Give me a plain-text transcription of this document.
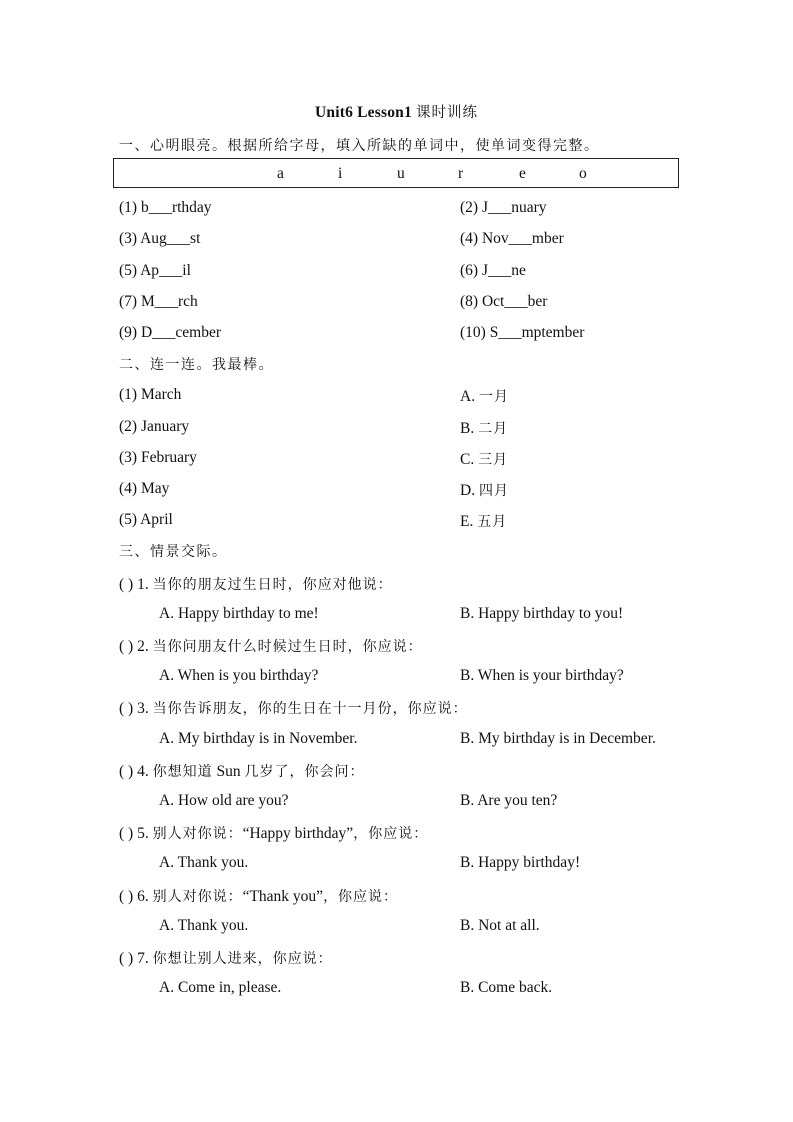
Unit6 Lesson1 课时训练
一、心明眼亮。根据所给字母，填入所缺的单词中，使单词变得完整。
a	i	u	r	e	o
(1) b___rthday	(2) J___nuary
(3) Aug___st	(4) Nov___mber
(5) Ap___il	(6) J___ne
(7) M___rch	(8) Oct___ber
(9) D___cember	(10) S___mptember
二、连一连。我最棒。
(1) March	A. 一月
(2) January	B. 二月
(3) February	C. 三月
(4) May	D. 四月
(5) April	E. 五月
三、情景交际。
( ) 1. 当你的朋友过生日时，你应对他说：
A. Happy birthday to me!	B. Happy birthday to you!
( ) 2. 当你问朋友什么时候过生日时，你应说：
A. When is you birthday?	B. When is your birthday?
( ) 3. 当你告诉朋友，你的生日在十一月份，你应说：
A. My birthday is in November.	B. My birthday is in December.
( ) 4. 你想知道 Sun 几岁了，你会问：
A. How old are you?	B. Are you ten?
( ) 5. 别人对你说：“Happy birthday”，你应说：
A. Thank you.	B. Happy birthday!
( ) 6. 别人对你说：“Thank you”，你应说：
A. Thank you.	B. Not at all.
( ) 7. 你想让别人进来，你应说：
A. Come in, please.	B. Come back.
